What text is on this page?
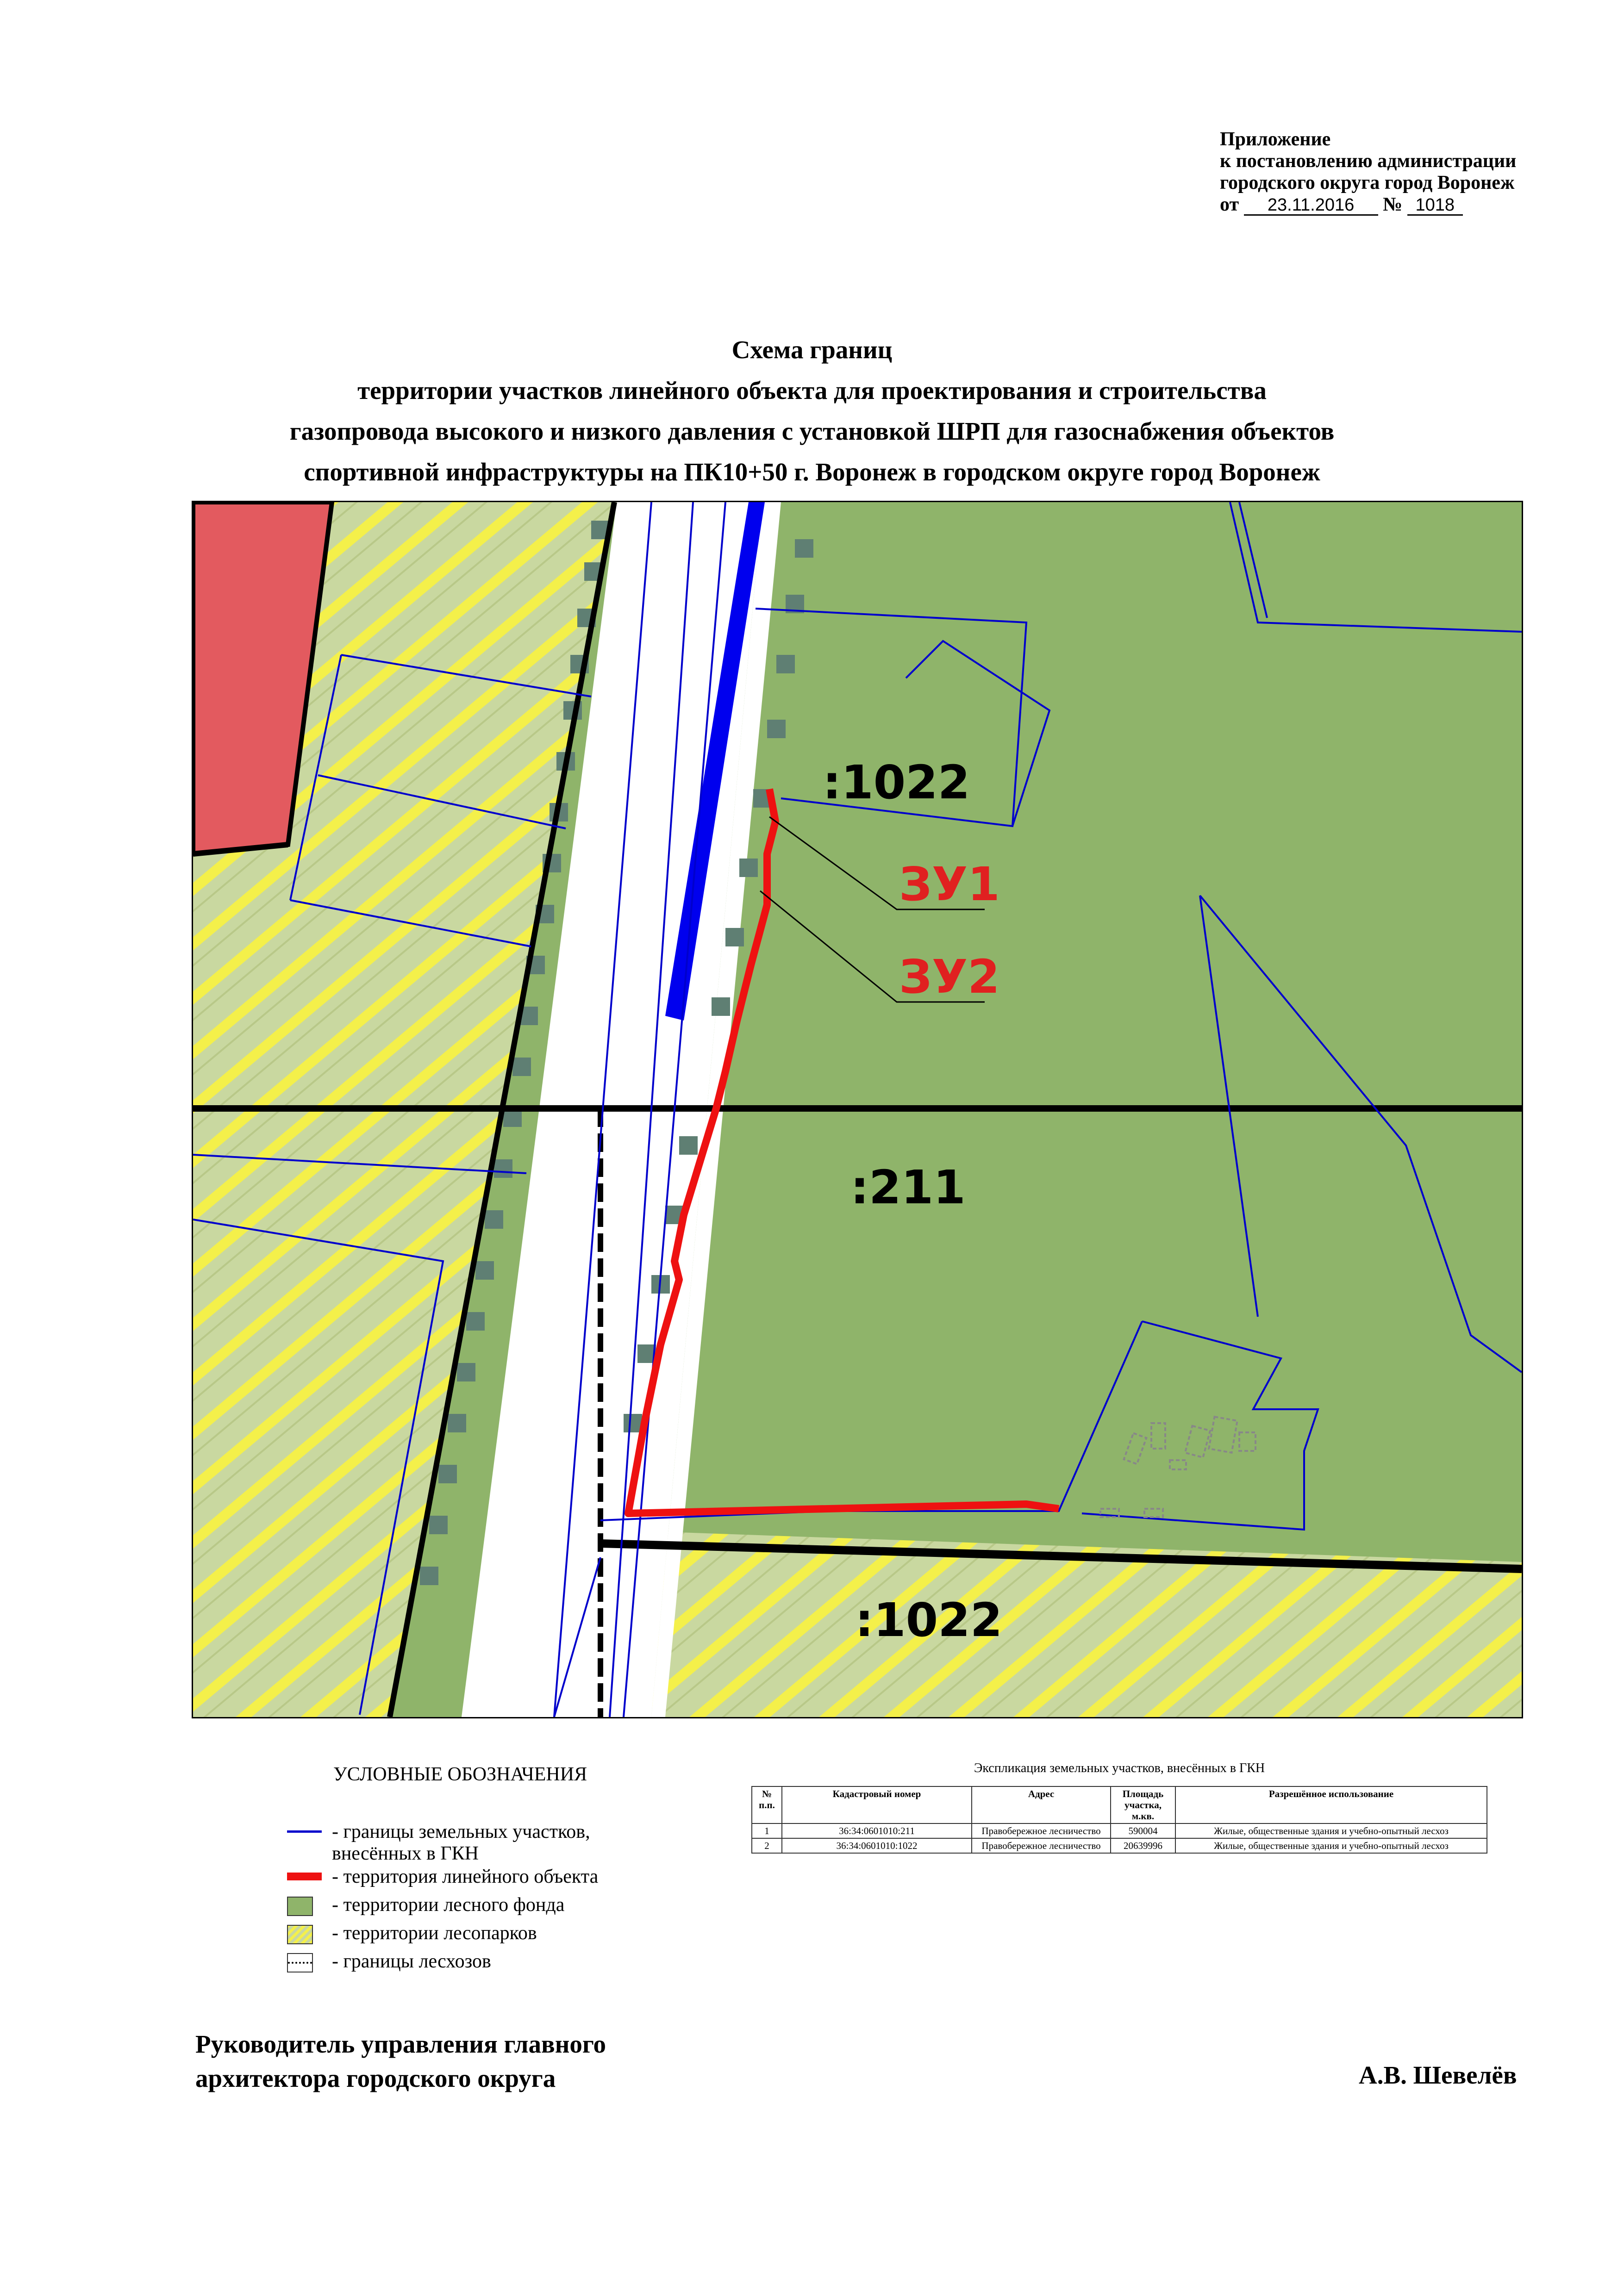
Приложение
к постановлению администрации
городского округа город Воронеж
от 23.11.2016 № 1018
Схема границ
территории участков линейного объекта для проектирования и строительства
газопровода высокого и низкого давления с установкой ШРП для газоснабжения объектов
спортивной инфраструктуры на ПК10+50 г. Воронеж в городском округе город Воронеж
:1022
ЗУ1
ЗУ2
:211
:1022
УСЛОВНЫЕ ОБОЗНАЧЕНИЯ
- границы земельных участков,
внесённых в ГКН
- территория линейного объекта
- территории лесного фонда
- территории лесопарков
- границы лесхозов
Экспликация земельных участков, внесённых в ГКН
№ п.п.	Кадастровый номер	Адрес	Площадь участка, м.кв.	Разрешённое использование
1	36:34:0601010:211	Правобережное лесничество	590004	Жилые, общественные здания и учебно-опытный лесхоз
2	36:34:0601010:1022	Правобережное лесничество	20639996	Жилые, общественные здания и учебно-опытный лесхоз
Руководитель управления главного
архитектора городского округа	А.В. Шевелёв
